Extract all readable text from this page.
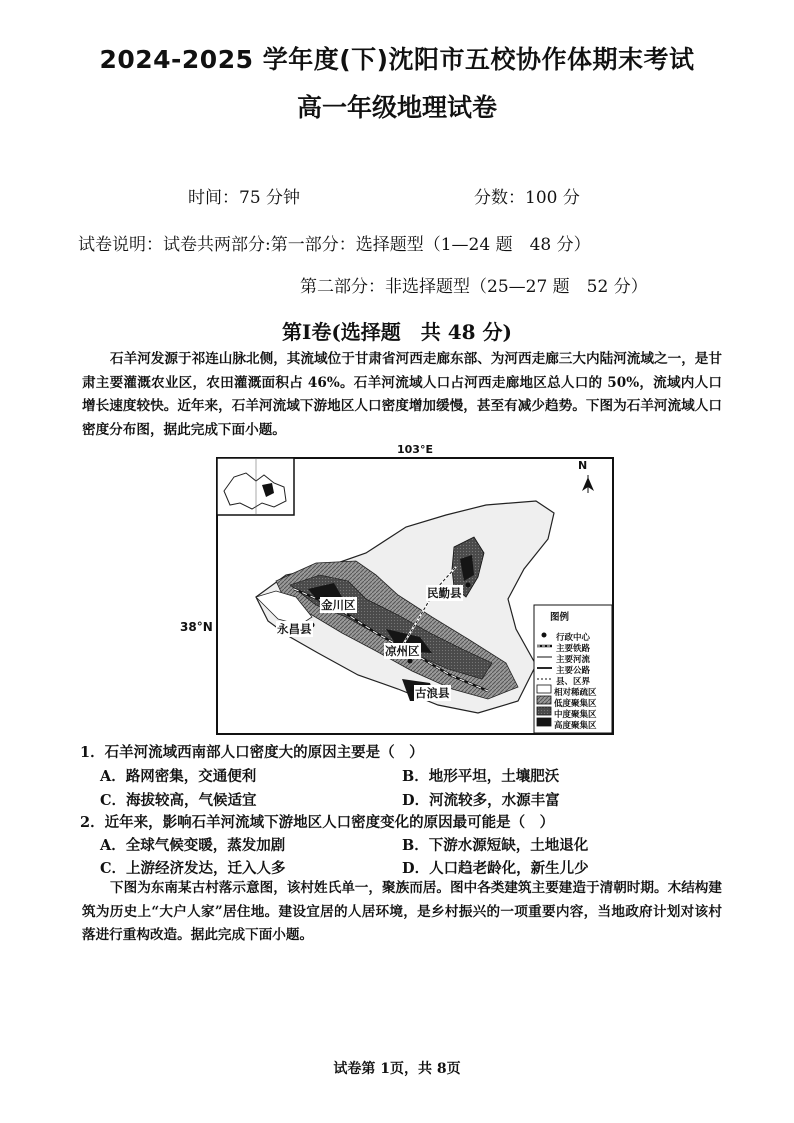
2024-2025 学年度(下)沈阳市五校协作体期末考试
高一年级地理试卷
时间：75 分钟	分数：100 分
试卷说明：试卷共两部分:第一部分：选择题型（1—24 题　48 分）
第二部分：非选择题型（25—27 题　52 分）
第Ⅰ卷(选择题　共 48 分)
石羊河发源于祁连山脉北侧，其流域位于甘肃省河西走廊东部、为河西走廊三大内陆河流域之一，是甘肃主要灌溉农业区，农田灌溉面积占 46%。石羊河流域人口占河西走廊地区总人口的 50%，流域内人口增长速度较快。近年来，石羊河流域下游地区人口密度增加缓慢，甚至有减少趋势。下图为石羊河流域人口密度分布图，据此完成下面小题。
103°E
38°N
N
金川区
永昌县
民勤县
凉州区
古浪县
图例
行政中心
主要铁路
主要河流
主要公路
县、区界
相对稀疏区
低度聚集区
中度聚集区
高度聚集区
1．石羊河流域西南部人口密度大的原因主要是（　）
A．路网密集，交通便利	B．地形平坦，土壤肥沃
C．海拔较高，气候适宜	D．河流较多，水源丰富
2．近年来，影响石羊河流域下游地区人口密度变化的原因最可能是（　）
A．全球气候变暖，蒸发加剧	B．下游水源短缺，土地退化
C．上游经济发达，迁入人多	D．人口趋老龄化，新生儿少
下图为东南某古村落示意图，该村姓氏单一，聚族而居。图中各类建筑主要建造于清朝时期。木结构建筑为历史上“大户人家”居住地。建设宜居的人居环境，是乡村振兴的一项重要内容，当地政府计划对该村落进行重构改造。据此完成下面小题。
试卷第 1页，共 8页
